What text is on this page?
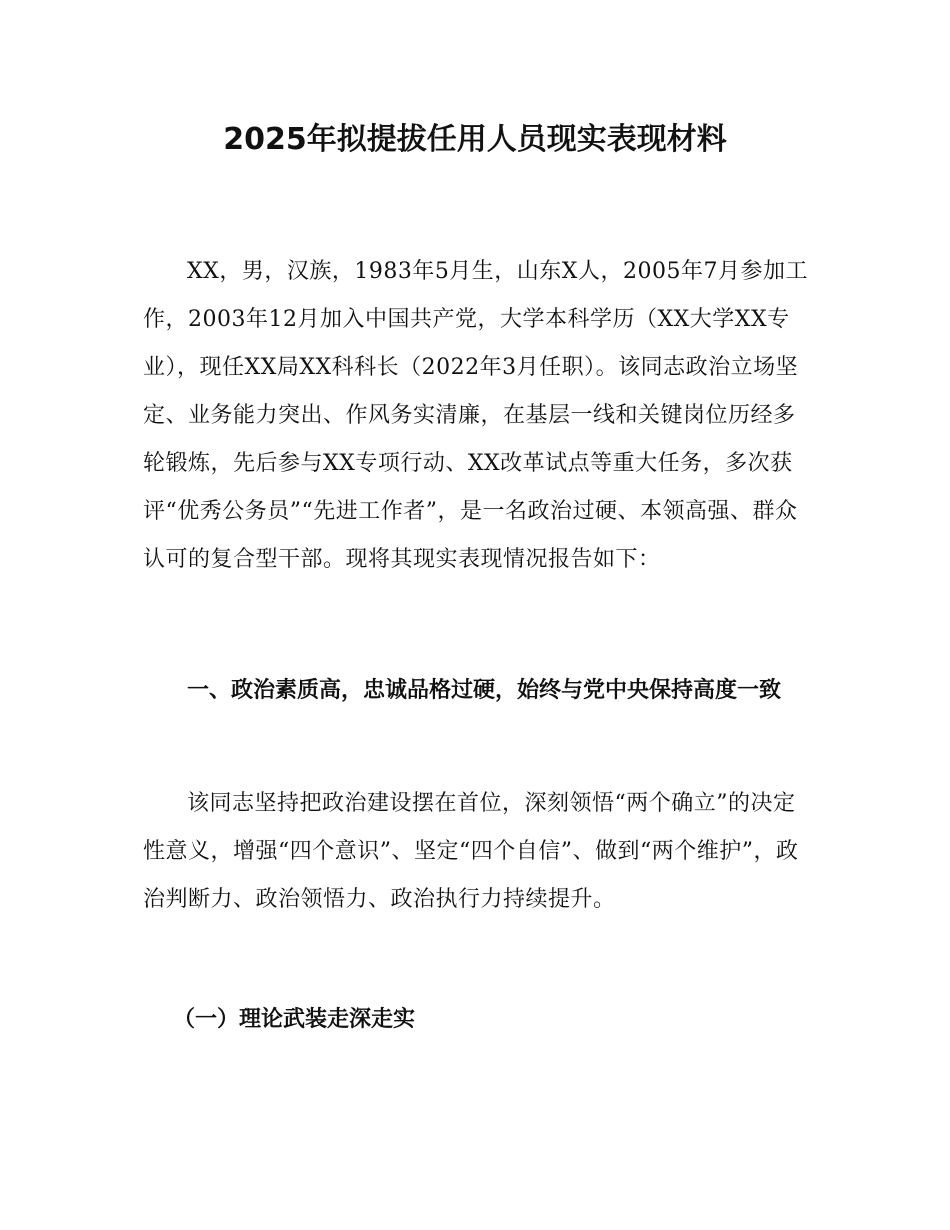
2025年拟提拔任用人员现实表现材料

XX，男，汉族，1983年5月生，山东X人，2005年7月参加工作，2003年12月加入中国共产党，大学本科学历（XX大学XX专业），现任XX局XX科科长（2022年3月任职）。该同志政治立场坚定、业务能力突出、作风务实清廉，在基层一线和关键岗位历经多轮锻炼，先后参与XX专项行动、XX改革试点等重大任务，多次获评“优秀公务员”“先进工作者”，是一名政治过硬、本领高强、群众认可的复合型干部。现将其现实表现情况报告如下：

一、政治素质高，忠诚品格过硬，始终与党中央保持高度一致

该同志坚持把政治建设摆在首位，深刻领悟“两个确立”的决定性意义，增强“四个意识”、坚定“四个自信”、做到“两个维护”，政治判断力、政治领悟力、政治执行力持续提升。

（一）理论武装走深走实
